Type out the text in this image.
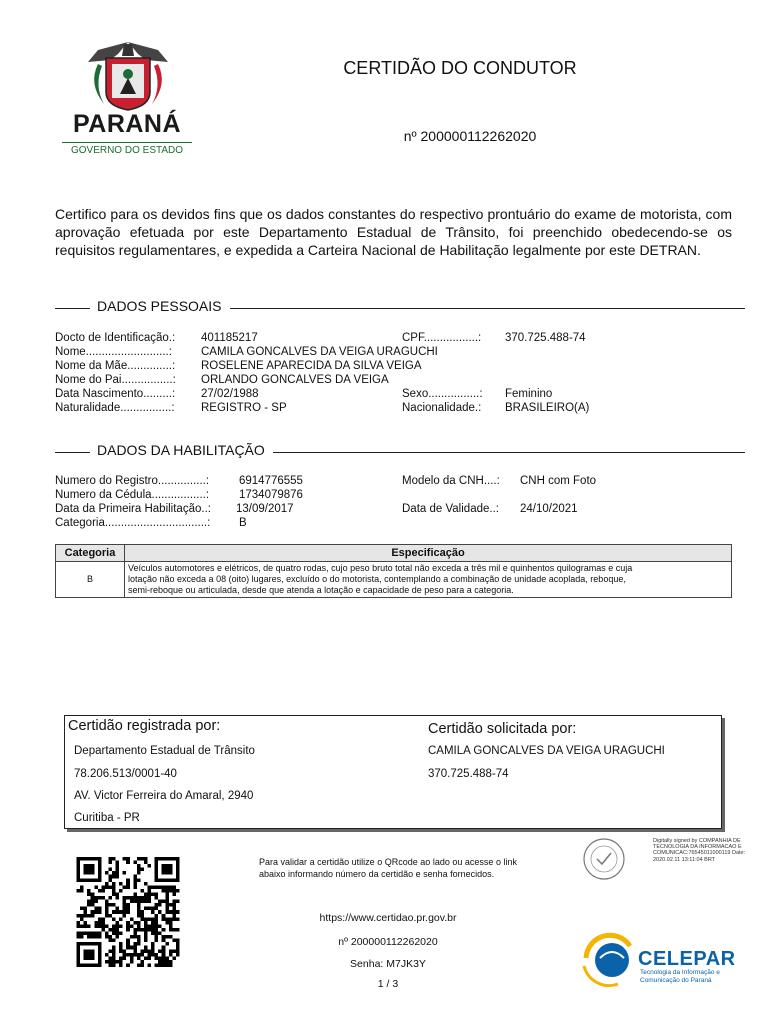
PARANÁ
GOVERNO DO ESTADO
CERTIDÃO DO CONDUTOR
nº 200000112262020
Certifico para os devidos fins que os dados constantes do respectivo prontuário do exame de motorista, com aprovação efetuada por este Departamento Estadual de Trânsito, foi preenchido obedecendo-se os requisitos regulamentares, e expedida a Carteira Nacional de Habilitação legalmente por este DETRAN.
DADOS PESSOAIS
Docto de Identificação.: 401185217	CPF.................: 370.725.488-74
Nome..........................:	CAMILA GONCALVES DA VEIGA URAGUCHI
Nome da Mãe..............: ROSELENE APARECIDA DA SILVA VEIGA
Nome do Pai................: ORLANDO GONCALVES DA VEIGA
Data Nascimento.........: 27/02/1988	Sexo................: Feminino
Naturalidade................: REGISTRO - SP	Nacionalidade.: BRASILEIRO(A)
DADOS DA HABILITAÇÃO
Numero do Registro...............:	6914776555	Modelo da CNH....: CNH com Foto
Numero da Cédula.................:	1734079876
Data da Primeira Habilitação..: 13/09/2017	Data de Validade..: 24/10/2021
Categoria................................: B
Categoria	Especificação
B	Veículos automotores e elétricos, de quatro rodas, cujo peso bruto total não exceda a três mil e quinhentos quilogramas e cuja
lotação não exceda a 08 (oito) lugares, excluído o do motorista, contemplando a combinação de unidade acoplada, reboque,
semi-reboque ou articulada, desde que atenda a lotação e capacidade de peso para a categoria.
Certidão registrada por:
Departamento Estadual de Trânsito
78.206.513/0001-40
AV. Victor Ferreira do Amaral, 2940
Curitiba - PR
Certidão solicitada por:
CAMILA GONCALVES DA VEIGA URAGUCHI
370.725.488-74
Para validar a certidão utilize o QRcode ao lado ou acesse o link abaixo informando número da certidão e senha fornecidos.
https://www.certidao.pr.gov.br
nº 200000112262020
Senha: M7JK3Y
1 / 3
Digitally signed by COMPANHIA DE TECNOLOGIA DA INFORMACAO E COMUNICAC:76545011000119 Date: 2020.02.11 13:11:04 BRT
CELEPAR
Tecnologia da Informação e Comunicação do Paraná
